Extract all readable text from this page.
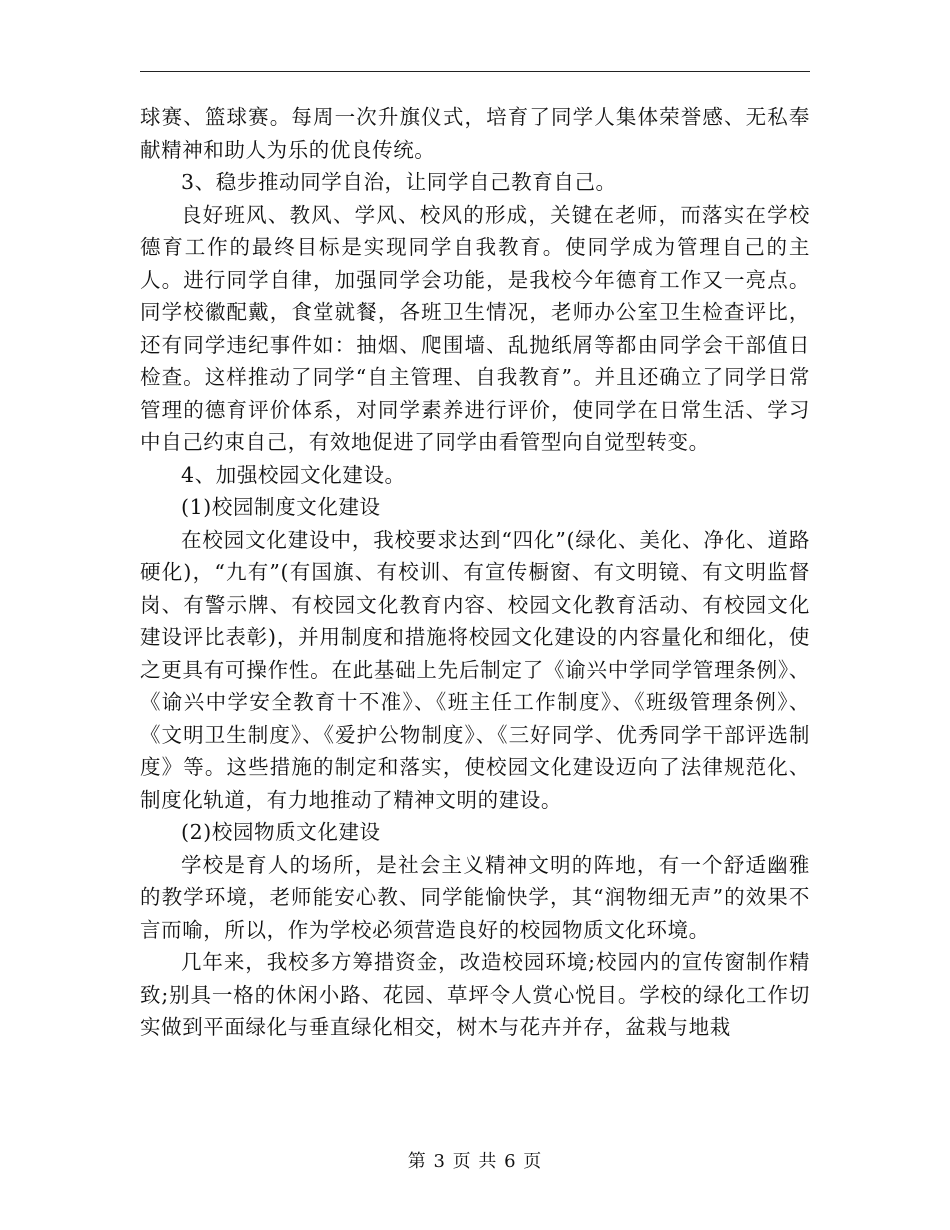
球赛、篮球赛。每周一次升旗仪式，培育了同学人集体荣誉感、无私奉献精神和助人为乐的优良传统。

3、稳步推动同学自治，让同学自己教育自己。

良好班风、教风、学风、校风的形成，关键在老师，而落实在学校德育工作的最终目标是实现同学自我教育。使同学成为管理自己的主人。进行同学自律，加强同学会功能，是我校今年德育工作又一亮点。同学校徽配戴，食堂就餐，各班卫生情况，老师办公室卫生检查评比，还有同学违纪事件如：抽烟、爬围墙、乱抛纸屑等都由同学会干部值日检查。这样推动了同学“自主管理、自我教育”。并且还确立了同学日常管理的德育评价体系，对同学素养进行评价，使同学在日常生活、学习中自己约束自己，有效地促进了同学由看管型向自觉型转变。

4、加强校园文化建设。

(1)校园制度文化建设

在校园文化建设中，我校要求达到“四化”(绿化、美化、净化、道路硬化)，“九有”(有国旗、有校训、有宣传橱窗、有文明镜、有文明监督岗、有警示牌、有校园文化教育内容、校园文化教育活动、有校园文化建设评比表彰)，并用制度和措施将校园文化建设的内容量化和细化，使之更具有可操作性。在此基础上先后制定了《谕兴中学同学管理条例》、《谕兴中学安全教育十不准》、《班主任工作制度》、《班级管理条例》、《文明卫生制度》、《爱护公物制度》、《三好同学、优秀同学干部评选制度》等。这些措施的制定和落实，使校园文化建设迈向了法律规范化、制度化轨道，有力地推动了精神文明的建设。

(2)校园物质文化建设

学校是育人的场所，是社会主义精神文明的阵地，有一个舒适幽雅的教学环境，老师能安心教、同学能愉快学，其“润物细无声”的效果不言而喻，所以，作为学校必须营造良好的校园物质文化环境。

几年来，我校多方筹措资金，改造校园环境;校园内的宣传窗制作精致;别具一格的休闲小路、花园、草坪令人赏心悦目。学校的绿化工作切实做到平面绿化与垂直绿化相交，树木与花卉并存，盆栽与地栽

第 3 页 共 6 页
